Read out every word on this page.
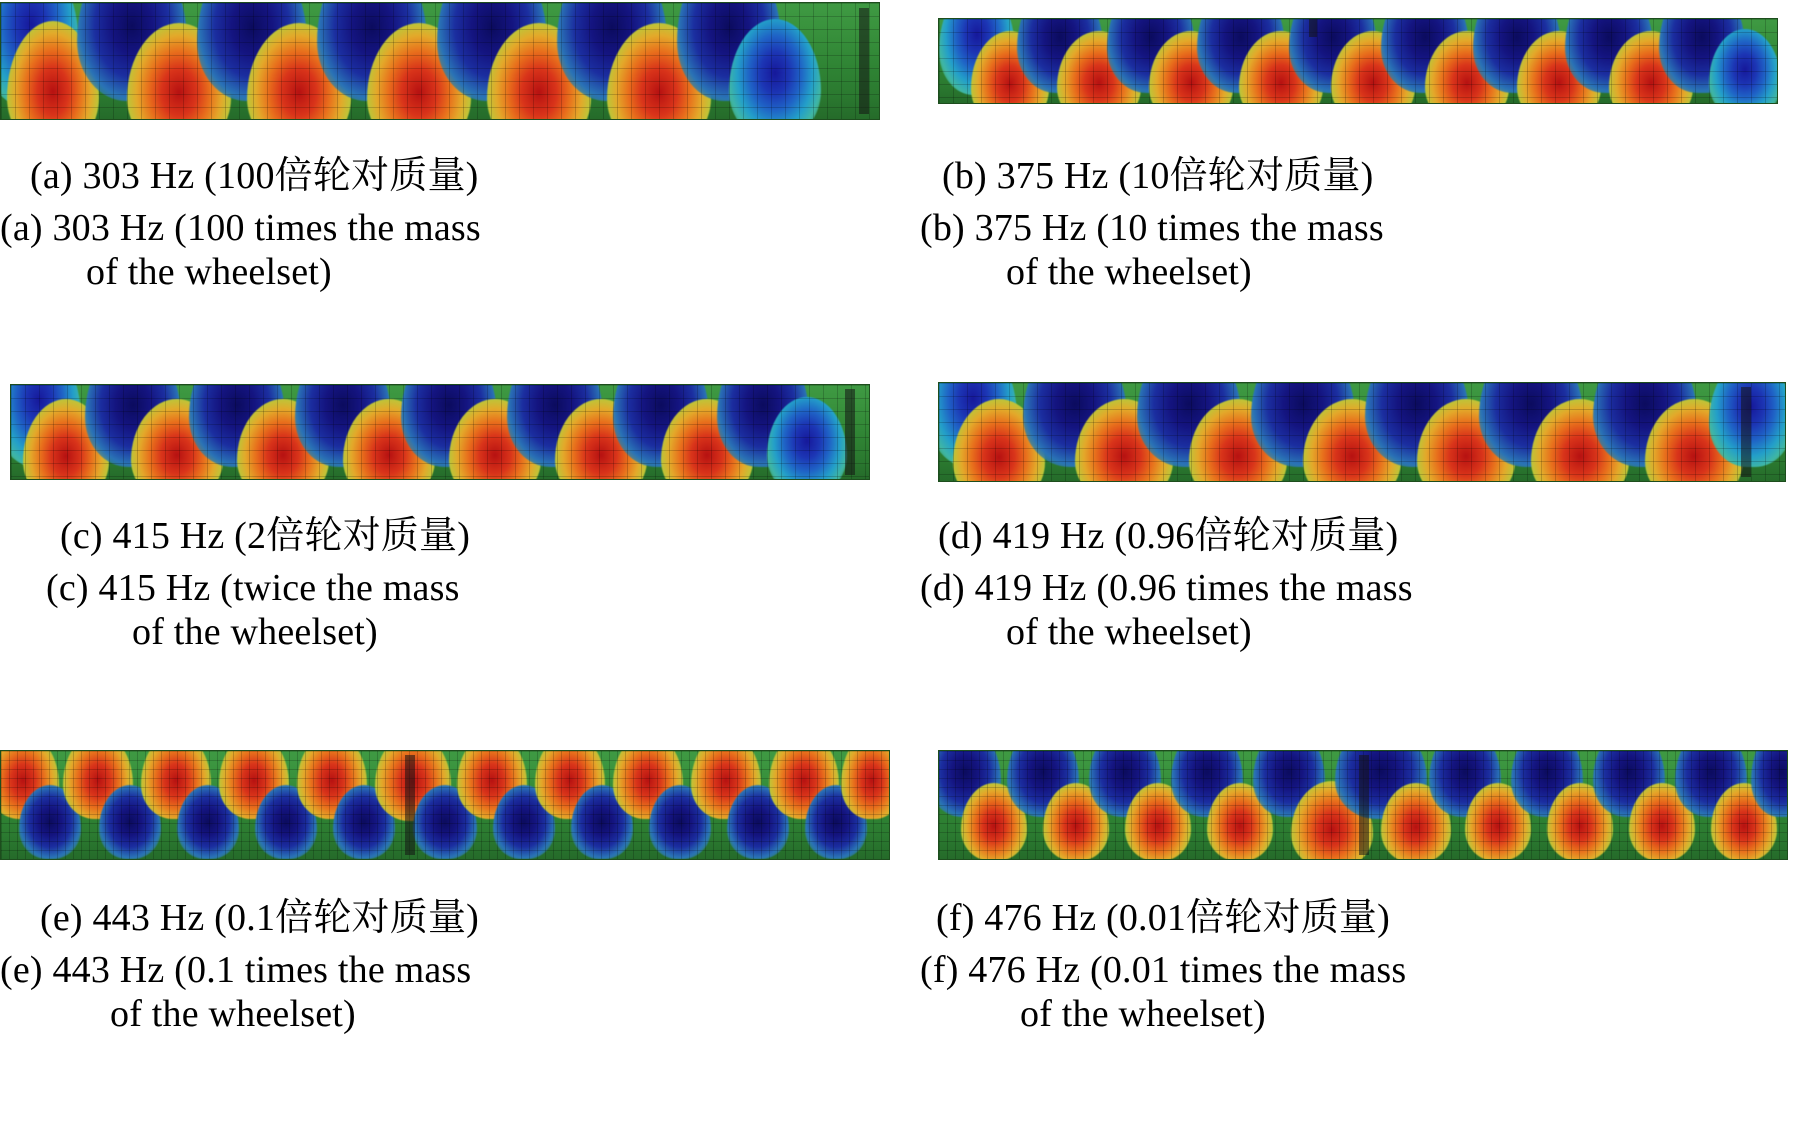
(a) 303 Hz (100倍轮对质量)
(a) 303 Hz (100 times the mass
of the wheelset)
(b) 375 Hz (10倍轮对质量)
(b) 375 Hz (10 times the mass
of the wheelset)
(c) 415 Hz (2倍轮对质量)
(c) 415 Hz (twice the mass
of the wheelset)
(d) 419 Hz (0.96倍轮对质量)
(d) 419 Hz (0.96 times the mass
of the wheelset)
(e) 443 Hz (0.1倍轮对质量)
(e) 443 Hz (0.1 times the mass
of the wheelset)
(f) 476 Hz (0.01倍轮对质量)
(f) 476 Hz (0.01 times the mass
of the wheelset)
